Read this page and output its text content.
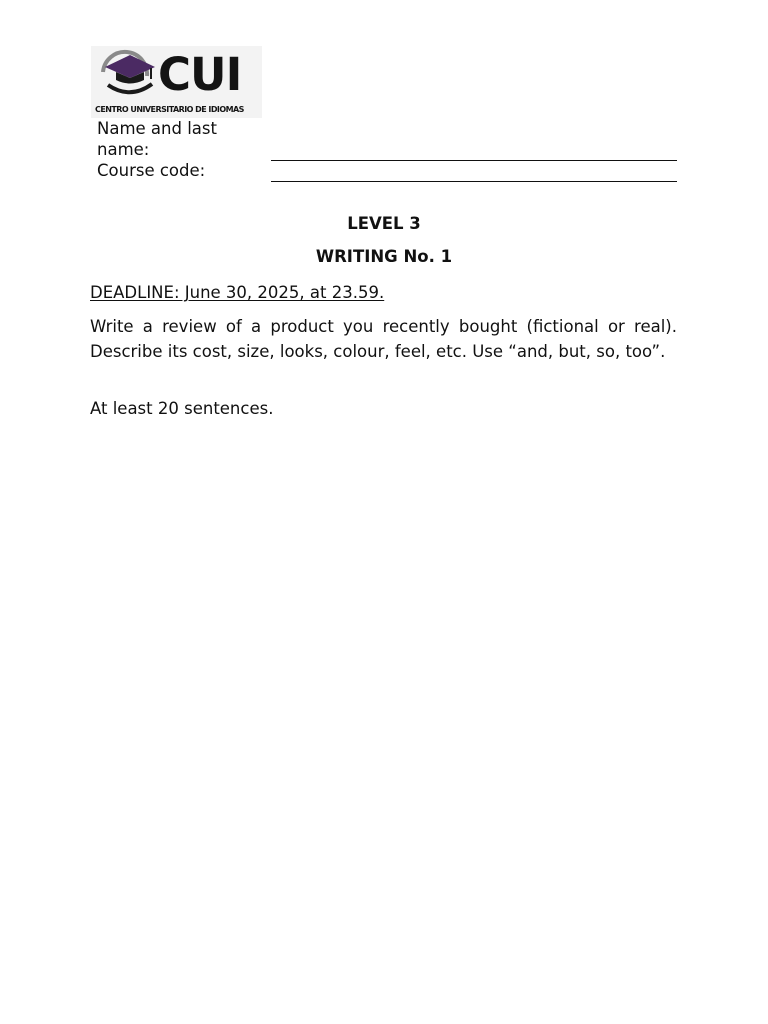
CUI
CENTRO UNIVERSITARIO DE IDIOMAS
Name and last name:
Course code:
LEVEL 3
WRITING No. 1
DEADLINE: June 30, 2025, at 23.59.
Write a review of a product you recently bought (fictional or real). Describe its cost, size, looks, colour, feel, etc. Use “and, but, so, too”.
At least 20 sentences.
